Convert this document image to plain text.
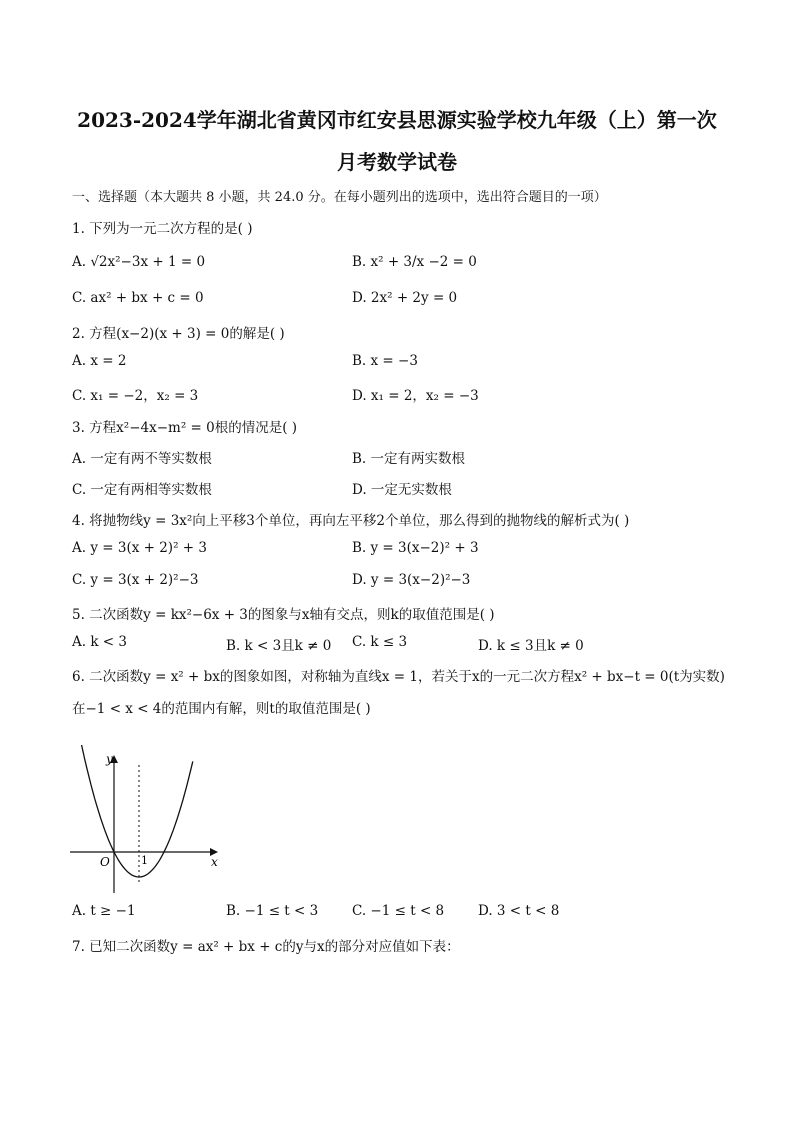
2023-2024学年湖北省黄冈市红安县思源实验学校九年级（上）第一次
月考数学试卷
一、选择题（本大题共 8 小题，共 24.0 分。在每小题列出的选项中，选出符合题目的一项）
1. 下列为一元二次方程的是( )
A. √2x²−3x + 1 = 0	B. x² + 3/x −2 = 0
C. ax² + bx + c = 0	D. 2x² + 2y = 0
2. 方程(x−2)(x + 3) = 0的解是( )
A. x = 2	B. x = −3
C. x₁ = −2，x₂ = 3	D. x₁ = 2，x₂ = −3
3. 方程x²−4x−m² = 0根的情况是( )
A. 一定有两不等实数根	B. 一定有两实数根
C. 一定有两相等实数根	D. 一定无实数根
4. 将抛物线y = 3x²向上平移3个单位，再向左平移2个单位，那么得到的抛物线的解析式为( )
A. y = 3(x + 2)² + 3	B. y = 3(x−2)² + 3
C. y = 3(x + 2)²−3	D. y = 3(x−2)²−3
5. 二次函数y = kx²−6x + 3的图象与x轴有交点，则k的取值范围是( )
A. k < 3	B. k < 3且k ≠ 0 C. k ≤ 3	D. k ≤ 3且k ≠ 0
6. 二次函数y = x² + bx的图象如图，对称轴为直线x = 1，若关于x的一元二次方程x² + bx−t = 0(t为实数)
在−1 < x < 4的范围内有解，则t的取值范围是( )
y
x
O	1
A. t ≥ −1	B. −1 ≤ t < 3	C. −1 ≤ t < 8	D. 3 < t < 8
7. 已知二次函数y = ax² + bx + c的y与x的部分对应值如下表：
